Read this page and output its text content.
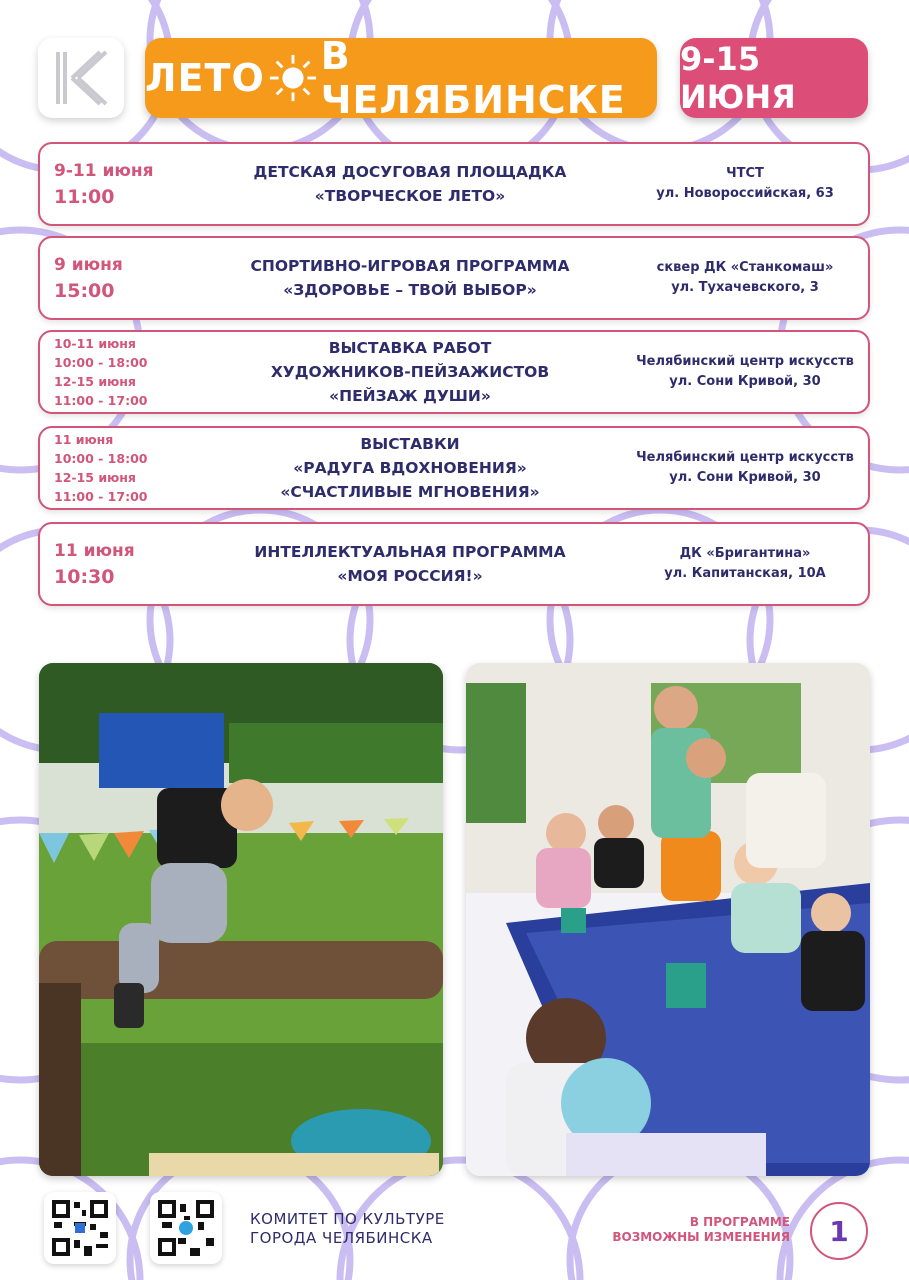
ЛЕТО В ЧЕЛЯБИНСКЕ
9-15 ИЮНЯ
9-11 июня
11:00
ДЕТСКАЯ ДОСУГОВАЯ ПЛОЩАДКА
«ТВОРЧЕСКОЕ ЛЕТО»
ЧТСТ
ул. Новороссийская, 63
9 июня
15:00
СПОРТИВНО-ИГРОВАЯ ПРОГРАММА
«ЗДОРОВЬЕ – ТВОЙ ВЫБОР»
сквер ДК «Станкомаш»
ул. Тухачевского, 3
10-11 июня
10:00 - 18:00
12-15 июня
11:00 - 17:00
ВЫСТАВКА РАБОТ
ХУДОЖНИКОВ-ПЕЙЗАЖИСТОВ
«ПЕЙЗАЖ ДУШИ»
Челябинский центр искусств
ул. Сони Кривой, 30
11 июня
10:00 - 18:00
12-15 июня
11:00 - 17:00
ВЫСТАВКИ
«РАДУГА ВДОХНОВЕНИЯ»
«СЧАСТЛИВЫЕ МГНОВЕНИЯ»
Челябинский центр искусств
ул. Сони Кривой, 30
11 июня
10:30
ИНТЕЛЛЕКТУАЛЬНАЯ ПРОГРАММА
«МОЯ РОССИЯ!»
ДК «Бригантина»
ул. Капитанская, 10А
КОМИТЕТ ПО КУЛЬТУРЕ
ГОРОДА ЧЕЛЯБИНСКА
В ПРОГРАММЕ
ВОЗМОЖНЫ ИЗМЕНЕНИЯ	1
